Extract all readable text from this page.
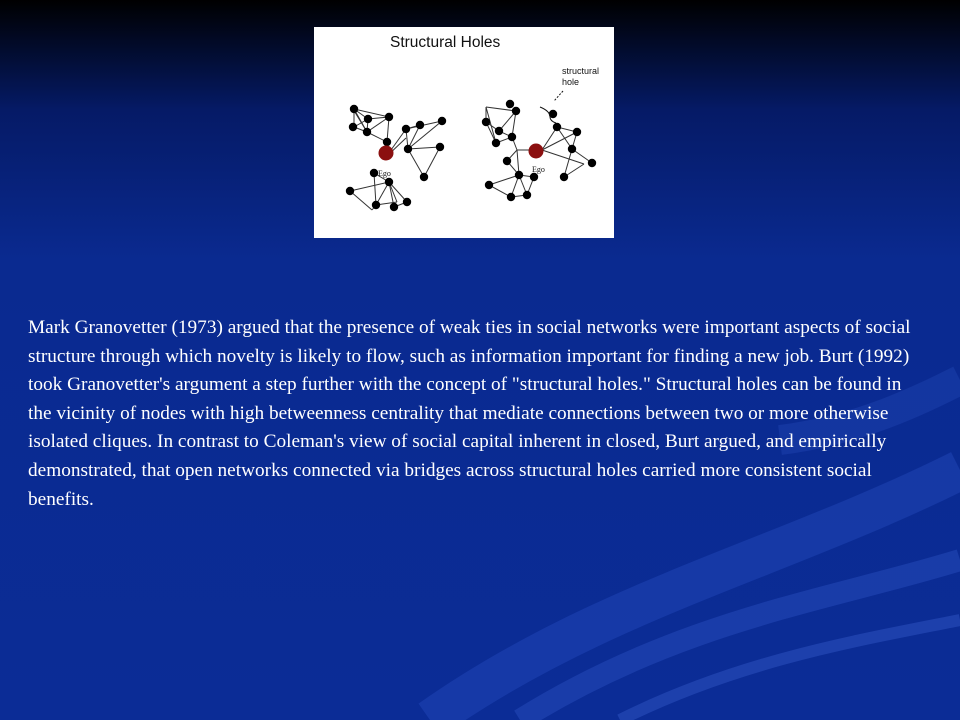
Structural Holes
Ego	Ego
structural
hole

Mark Granovetter (1973) argued that the presence of weak ties in social networks were important aspects of social structure through which novelty is likely to flow, such as information important for finding a new job. Burt (1992) took Granovetter's argument a step further with the concept of "structural holes." Structural holes can be found in the vicinity of nodes with high betweenness centrality that mediate connections between two or more otherwise isolated cliques. In contrast to Coleman's view of social capital inherent in closed, Burt argued, and empirically demonstrated, that open networks connected via bridges across structural holes carried more consistent social benefits.
